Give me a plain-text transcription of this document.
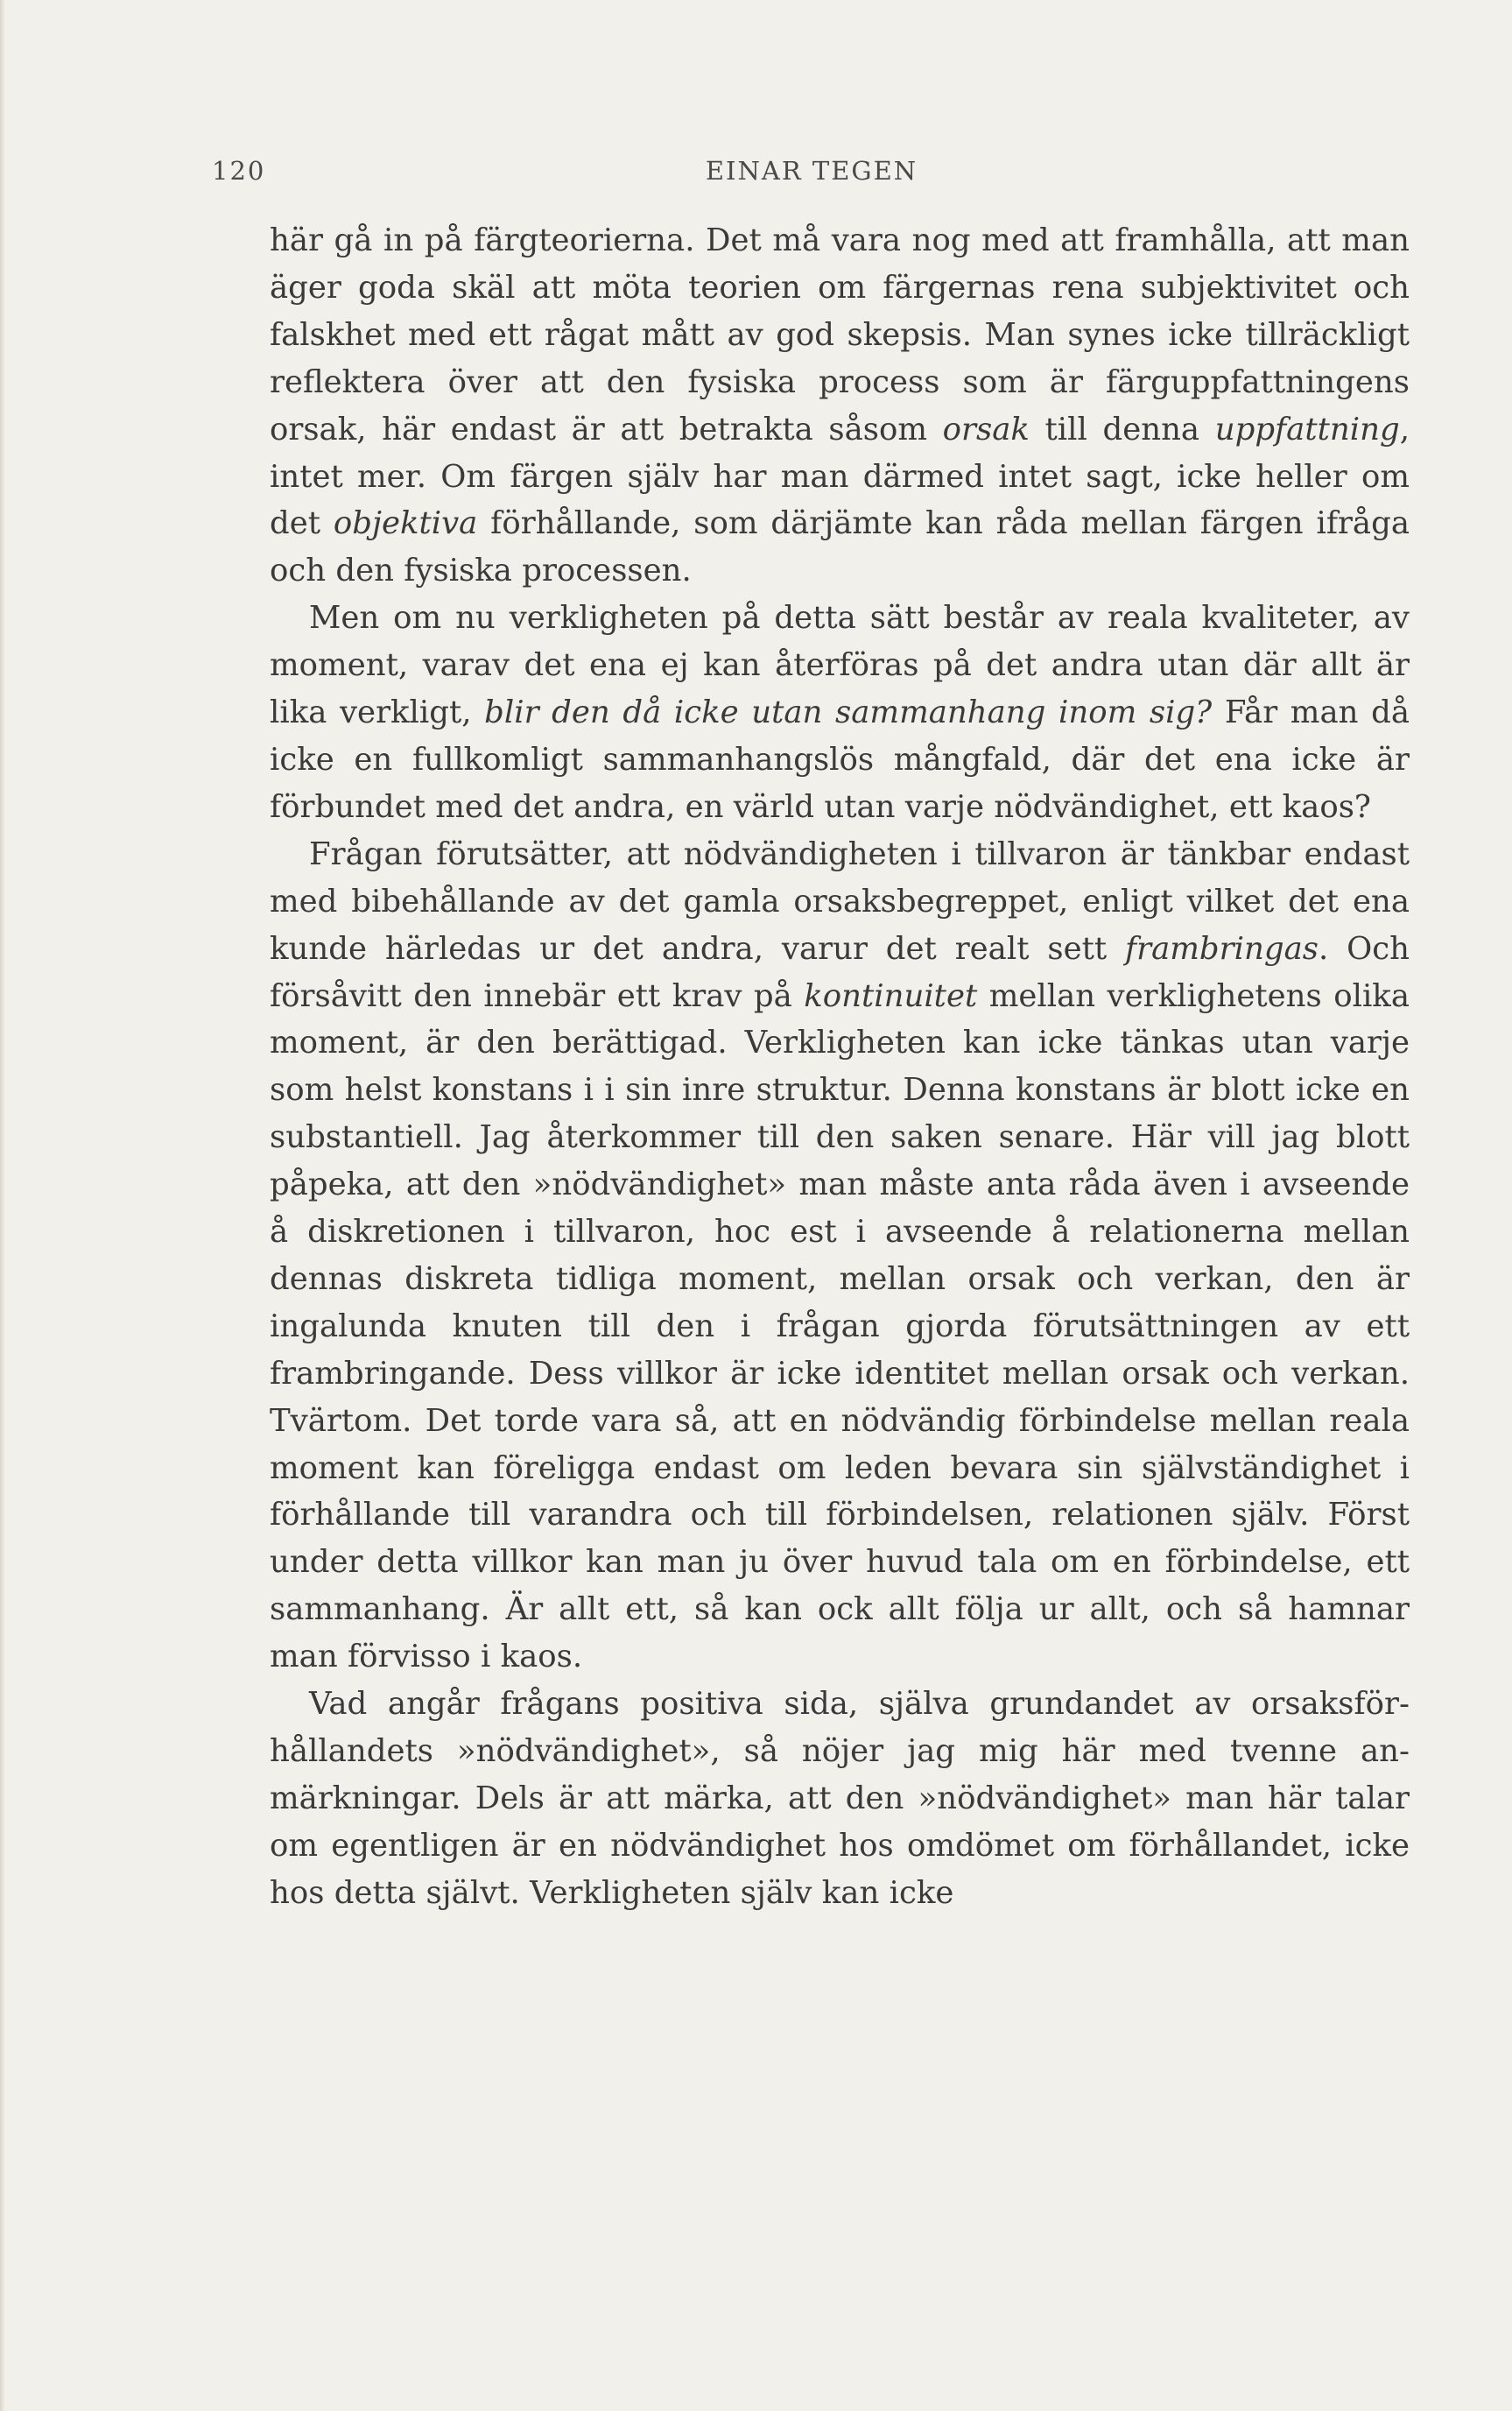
120	EINAR TEGEN

här gå in på färgteorierna. Det må vara nog med att framhålla, att man äger goda skäl att möta teorien om färgernas rena subjektivitet och falskhet med ett rågat mått av god skepsis. Man synes icke tillräckligt reflektera över att den fysiska process som är färguppfattningens orsak, här endast är att betrakta såsom orsak till denna uppfattning, intet mer. Om färgen själv har man därmed intet sagt, icke heller om det objektiva förhållande, som därjämte kan råda mellan färgen ifråga och den fysiska processen.

Men om nu verkligheten på detta sätt består av reala kvaliteter, av moment, varav det ena ej kan återföras på det andra utan där allt är lika verkligt, blir den då icke utan sammanhang inom sig? Får man då icke en fullkomligt sammanhangslös mångfald, där det ena icke är förbundet med det andra, en värld utan varje nödvändighet, ett kaos?

Frågan förutsätter, att nödvändigheten i tillvaron är tänkbar endast med bibehållande av det gamla orsaksbegreppet, enligt vilket det ena kunde härledas ur det andra, varur det realt sett frambringas. Och försåvitt den innebär ett krav på kontinuitet mellan verklighetens olika moment, är den berättigad. Verkligheten kan icke tänkas utan varje som helst konstans i i sin inre struktur. Denna konstans är blott icke en substantiell. Jag återkommer till den saken senare. Här vill jag blott påpeka, att den »nödvändighet» man måste anta råda även i avseende å diskretionen i tillvaron, hoc est i avseende å relationerna mellan dennas diskreta tidliga moment, mellan orsak och verkan, den är ingalunda knuten till den i frågan gjorda förutsättningen av ett frambringande. Dess villkor är icke identitet mellan orsak och verkan. Tvärtom. Det torde vara så, att en nödvändig förbindelse mellan reala moment kan föreligga endast om leden bevara sin självständighet i förhållande till varandra och till förbindelsen, relationen själv. Först under detta villkor kan man ju över huvud tala om en förbindelse, ett sammanhang. Är allt ett, så kan ock allt följa ur allt, och så hamnar man förvisso i kaos.

Vad angår frågans positiva sida, själva grundandet av orsaksförhållandets »nödvändighet», så nöjer jag mig här med tvenne anmärkningar. Dels är att märka, att den »nödvändighet» man här talar om egentligen är en nödvändighet hos omdömet om förhållandet, icke hos detta självt. Verkligheten själv kan icke
